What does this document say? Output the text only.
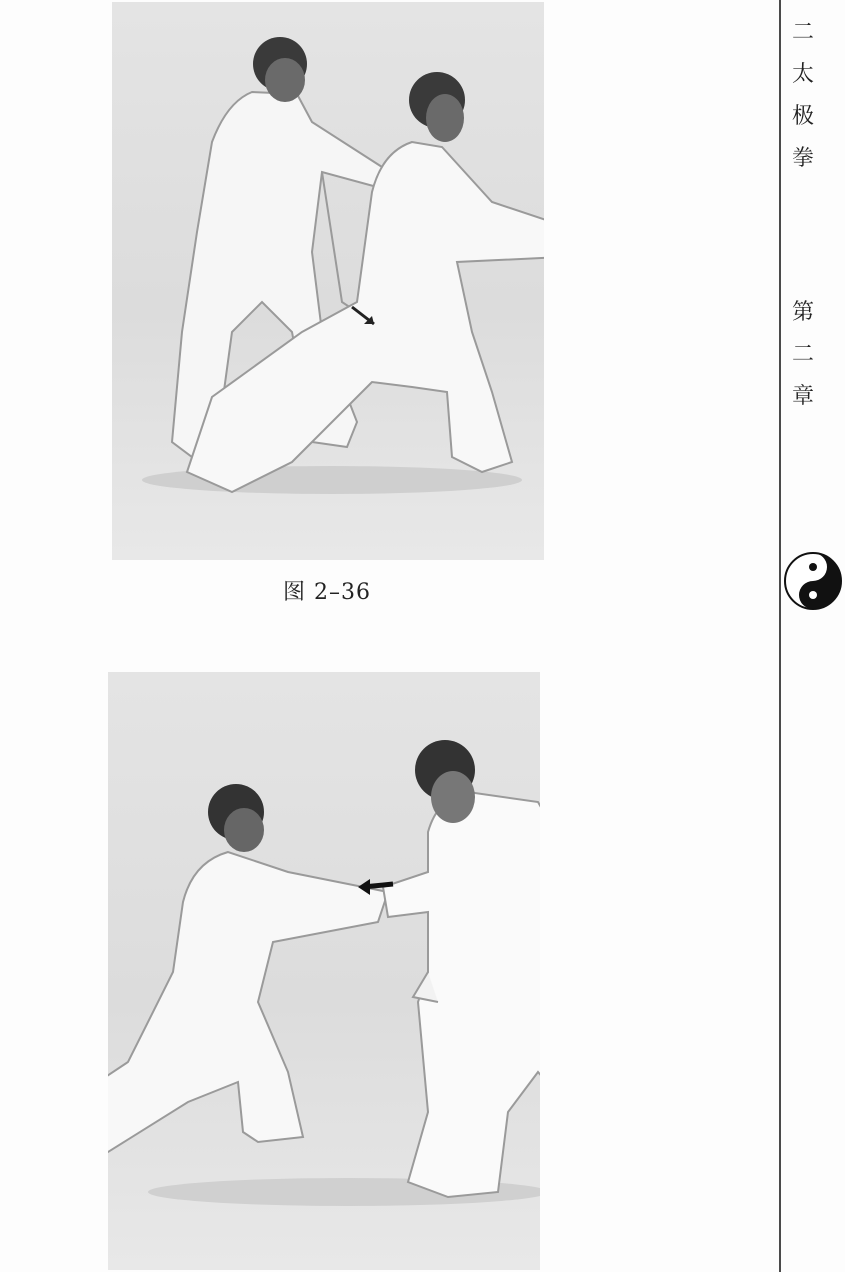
图 2–36
二
太
极
拳
第
二
章
